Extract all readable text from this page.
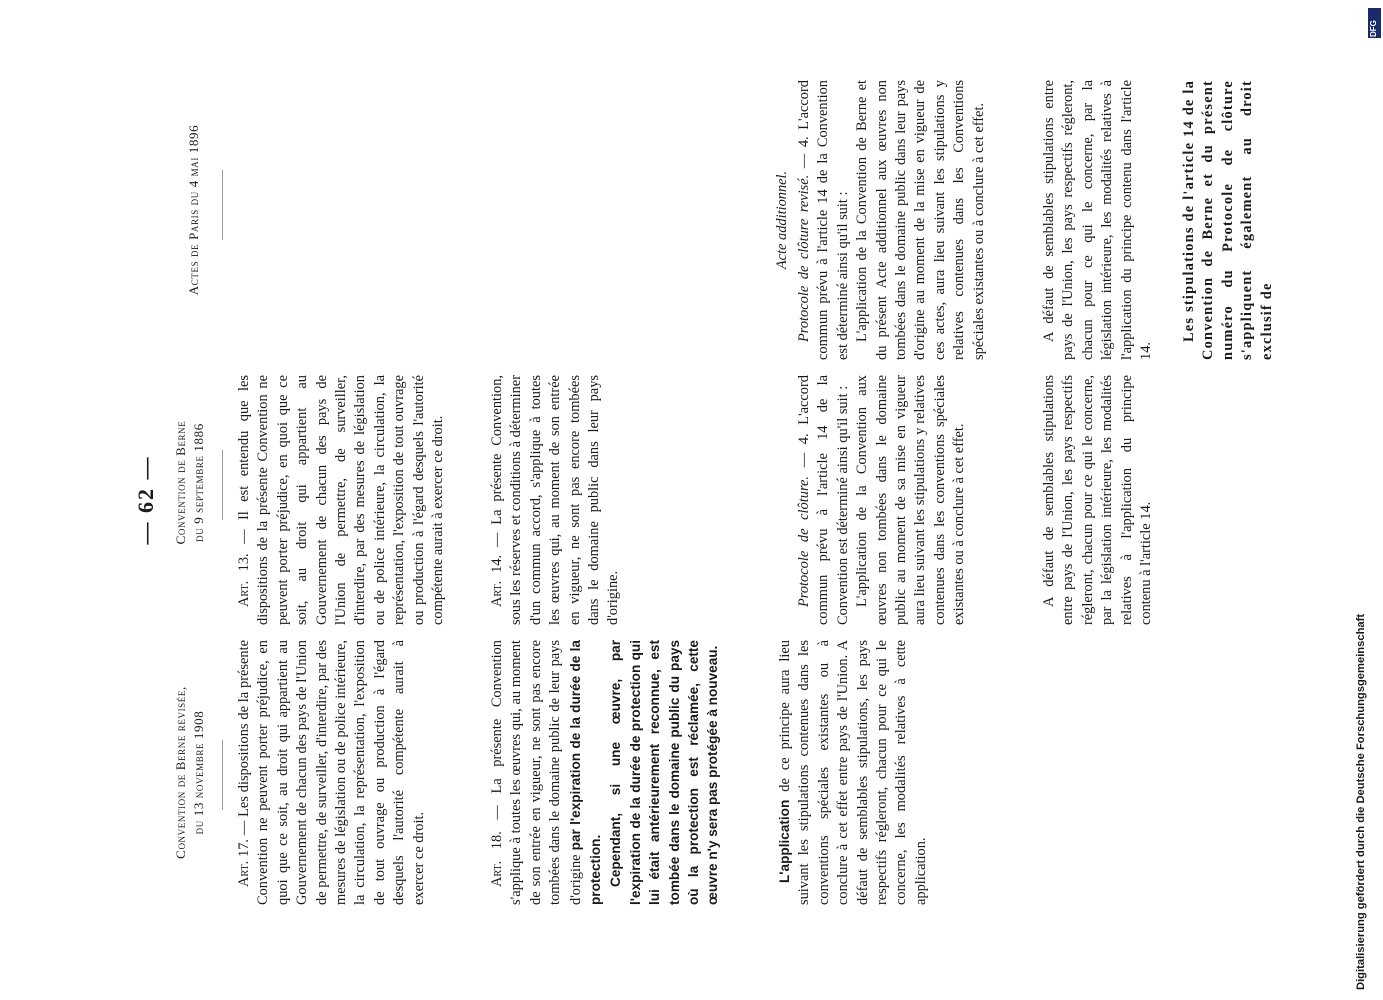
— 62 —
Convention de Berne revisée, du 13 novembre 1908
Convention de Berne du 9 septembre 1886
Actes de Paris du 4 mai 1896

Art. 17. — Les dispositions de la présente Convention ne peuvent porter préjudice, en quoi que ce soit, au droit qui appartient au Gouvernement de chacun des pays de l'Union de permettre, de surveiller, d'interdire, par des mesures de législation ou de police intérieure, la circulation, la représentation, l'exposition de tout ouvrage ou production à l'égard desquels l'autorité compétente aurait à exercer ce droit.

Art. 13. — Il est entendu que les dispositions de la présente Convention ne peuvent porter préjudice, en quoi que ce soit, au droit qui appartient au Gouvernement de chacun des pays de l'Union de permettre, de surveiller, d'interdire, par des mesures de législation ou de police intérieure, la circulation, la représentation, l'exposition de tout ouvrage ou production à l'égard desquels l'autorité compétente aurait à exercer ce droit.

Art. 18. — La présente Convention s'applique à toutes les œuvres qui, au moment de son entrée en vigueur, ne sont pas encore tombées dans le domaine public de leur pays d'origine par l'expiration de la durée de la protection. Cependant, si une œuvre, par l'expiration de la durée de protection qui lui était antérieurement reconnue, est tombée dans le domaine public du pays où la protection est réclamée, cette œuvre n'y sera pas protégée à nouveau.

Art. 14. — La présente Convention, sous les réserves et conditions à déterminer d'un commun accord, s'applique à toutes les œuvres qui, au moment de son entrée en vigueur, ne sont pas encore tombées dans le domaine public dans leur pays d'origine.

L'application de ce principe aura lieu suivant les stipulations contenues dans les conventions spéciales existantes ou à conclure à cet effet entre pays de l'Union. A défaut de semblables stipulations, les pays respectifs régleront, chacun pour ce qui le concerne, les modalités relatives à cette application.

Acte additionnel.

Protocole de clôture. — 4. L'accord commun prévu à l'article 14 de la Convention est déterminé ainsi qu'il suit : L'application de la Convention aux œuvres non tombées dans le domaine public au moment de sa mise en vigueur aura lieu suivant les stipulations y relatives contenues dans les conventions spéciales existantes ou à conclure à cet effet.

Protocole de clôture revisé. — 4. L'accord commun prévu à l'article 14 de la Convention est déterminé ainsi qu'il suit : L'application de la Convention de Berne et du présent Acte additionnel aux œuvres non tombées dans le domaine public dans leur pays d'origine au moment de la mise en vigueur de ces actes, aura lieu suivant les stipulations y relatives contenues dans les Conventions spéciales existantes ou à conclure à cet effet.

A défaut de semblables stipulations entre pays de l'Union, les pays respectifs régleront, chacun pour ce qui le concerne, par la législation intérieure, les modalités relatives à l'application du principe contenu à l'article 14.

A défaut de semblables stipulations entre pays de l'Union, les pays respectifs régleront, chacun pour ce qui le concerne, par la législation intérieure, les modalités relatives à l'application du principe contenu dans l'article 14.

Les stipulations de l'article 14 de la Convention de Berne et du présent numéro du Protocole de clôture s'appliquent également au droit exclusif de

Digitalisierung gefördert durch die Deutsche Forschungsgemeinschaft
DFG
